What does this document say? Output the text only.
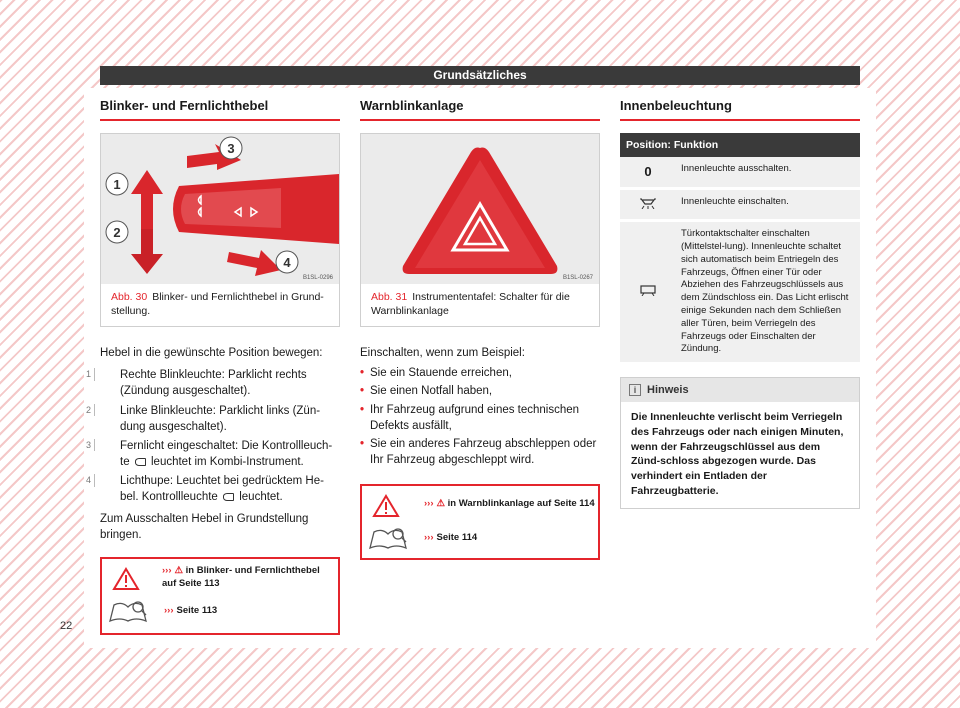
Grundsätzliches
Blinker- und Fernlichthebel
1
2
3
4
B1SL-0296
Abb. 30 Blinker- und Fernlichthebel in Grund-stellung.
Hebel in die gewünschte Position bewegen:
1	Rechte Blinkleuchte: Parklicht rechts (Zündung ausgeschaltet).
2	Linke Blinkleuchte: Parklicht links (Zün-dung ausgeschaltet).
3	Fernlicht eingeschaltet: Die Kontrollleuch-te leuchtet im Kombi-Instrument.
4	Lichthupe: Leuchtet bei gedrücktem He-bel. Kontrollleuchte leuchtet.
Zum Ausschalten Hebel in Grundstellung bringen.
››› ⚠ in Blinker- und Fernlichthebel auf Seite 113
››› Seite 113
Warnblinkanlage
B1SL-0267
Abb. 31 Instrumententafel: Schalter für die Warnblinkanlage
Einschalten, wenn zum Beispiel:
• Sie ein Stauende erreichen,
• Sie einen Notfall haben,
• Ihr Fahrzeug aufgrund eines technischen Defekts ausfällt,
• Sie ein anderes Fahrzeug abschleppen oder Ihr Fahrzeug abgeschleppt wird.
››› ⚠ in Warnblinkanlage auf Seite 114
››› Seite 114
Innenbeleuchtung
Position: Funktion	
0	Innenleuchte ausschalten.
	Innenleuchte einschalten.
	Türkontaktschalter einschalten (Mittelstel-lung). Innenleuchte schaltet sich automatisch beim Entriegeln des Fahrzeugs, Öffnen einer Tür oder Abziehen des Fahrzeugschlüssels aus dem Zündschloss ein. Das Licht erlischt einige Sekunden nach dem Schließen aller Türen, beim Verriegeln des Fahrzeugs oder Einschalten der Zündung.
i Hinweis
Die Innenleuchte verlischt beim Verriegeln des Fahrzeugs oder nach einigen Minuten, wenn der Fahrzeugschlüssel aus dem Zünd-schloss abgezogen wurde. Das verhindert ein Entladen der Fahrzeugbatterie.
22
